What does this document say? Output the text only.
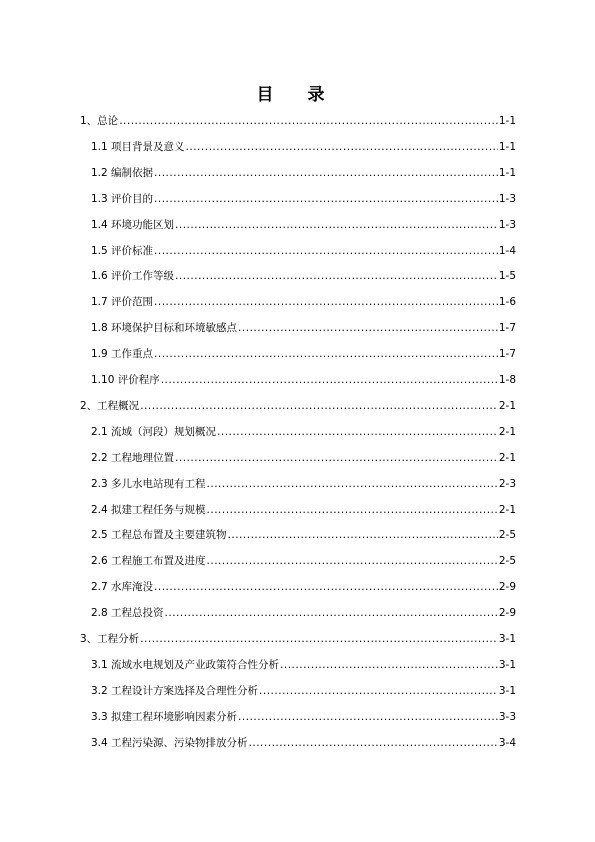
目 录
1、总论 .....	1-1
1.1 项目背景及意义 .....	1-1
1.2 编制依据 .....	1-1
1.3 评价目的 .....	1-3
1.4 环境功能区划 .....	1-3
1.5 评价标准 .....	1-4
1.6 评价工作等级 .....	1-5
1.7 评价范围 .....	1-6
1.8 环境保护目标和环境敏感点 .....	1-7
1.9 工作重点 .....	1-7
1.10 评价程序 .....	1-8
2、工程概况 .....	2-1
2.1 流域（河段）规划概况 .....	2-1
2.2 工程地理位置 .....	2-1
2.3 多儿水电站现有工程 .....	2-3
2.4 拟建工程任务与规模 .....	2-1
2.5 工程总布置及主要建筑物 .....	2-5
2.6 工程施工布置及进度 .....	2-5
2.7 水库淹没 .....	2-9
2.8 工程总投资 .....	2-9
3、工程分析 .....	3-1
3.1 流域水电规划及产业政策符合性分析 .....	3-1
3.2 工程设计方案选择及合理性分析 .....	3-1
3.3 拟建工程环境影响因素分析 .....	3-3
3.4 工程污染源、污染物排放分析 .....	3-4
